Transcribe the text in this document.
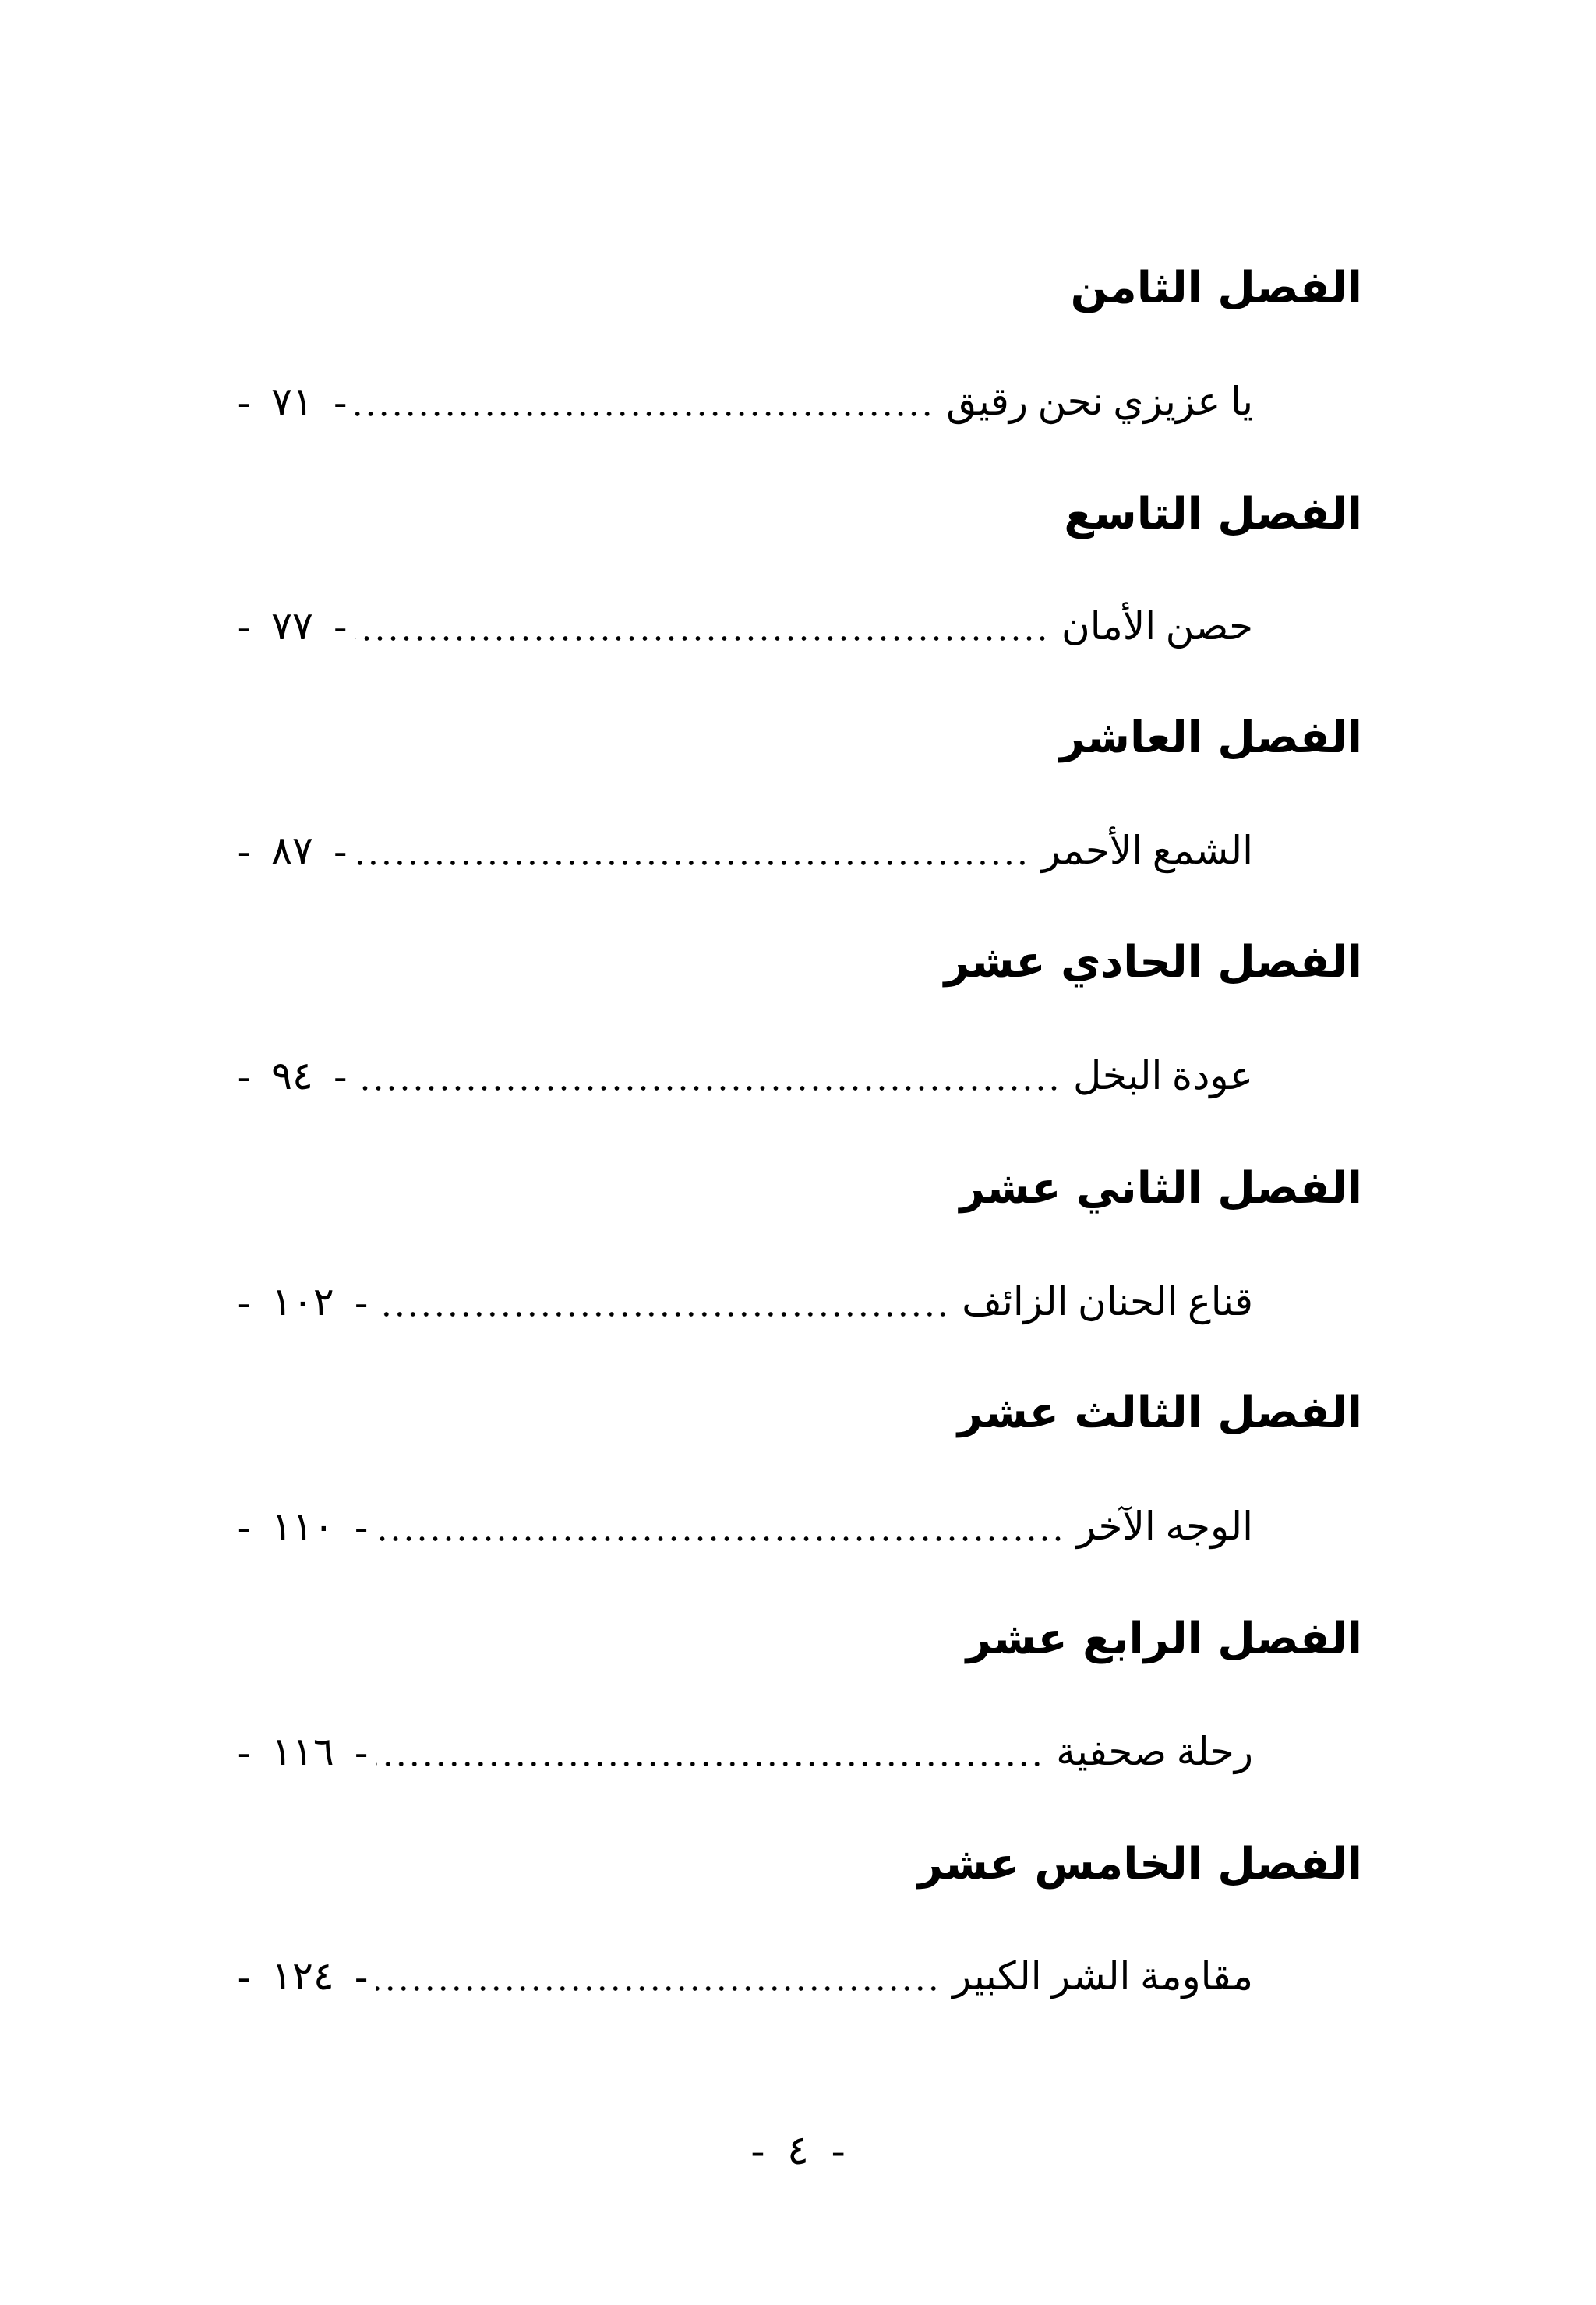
الفصل الثامن
يا عزيزي نحن رقيق
- ٧١ -
الفصل التاسع
حصن الأمان
- ٧٧ -
الفصل العاشر
الشمع الأحمر
- ٨٧ -
الفصل الحادي عشر
عودة البخل
- ٩٤ -
الفصل الثاني عشر
قناع الحنان الزائف
- ١٠٢ -
الفصل الثالث عشر
الوجه الآخر
- ١١٠ -
الفصل الرابع عشر
رحلة صحفية
- ١١٦ -
الفصل الخامس عشر
مقاومة الشر الكبير
- ١٢٤ -
- ٤ -
